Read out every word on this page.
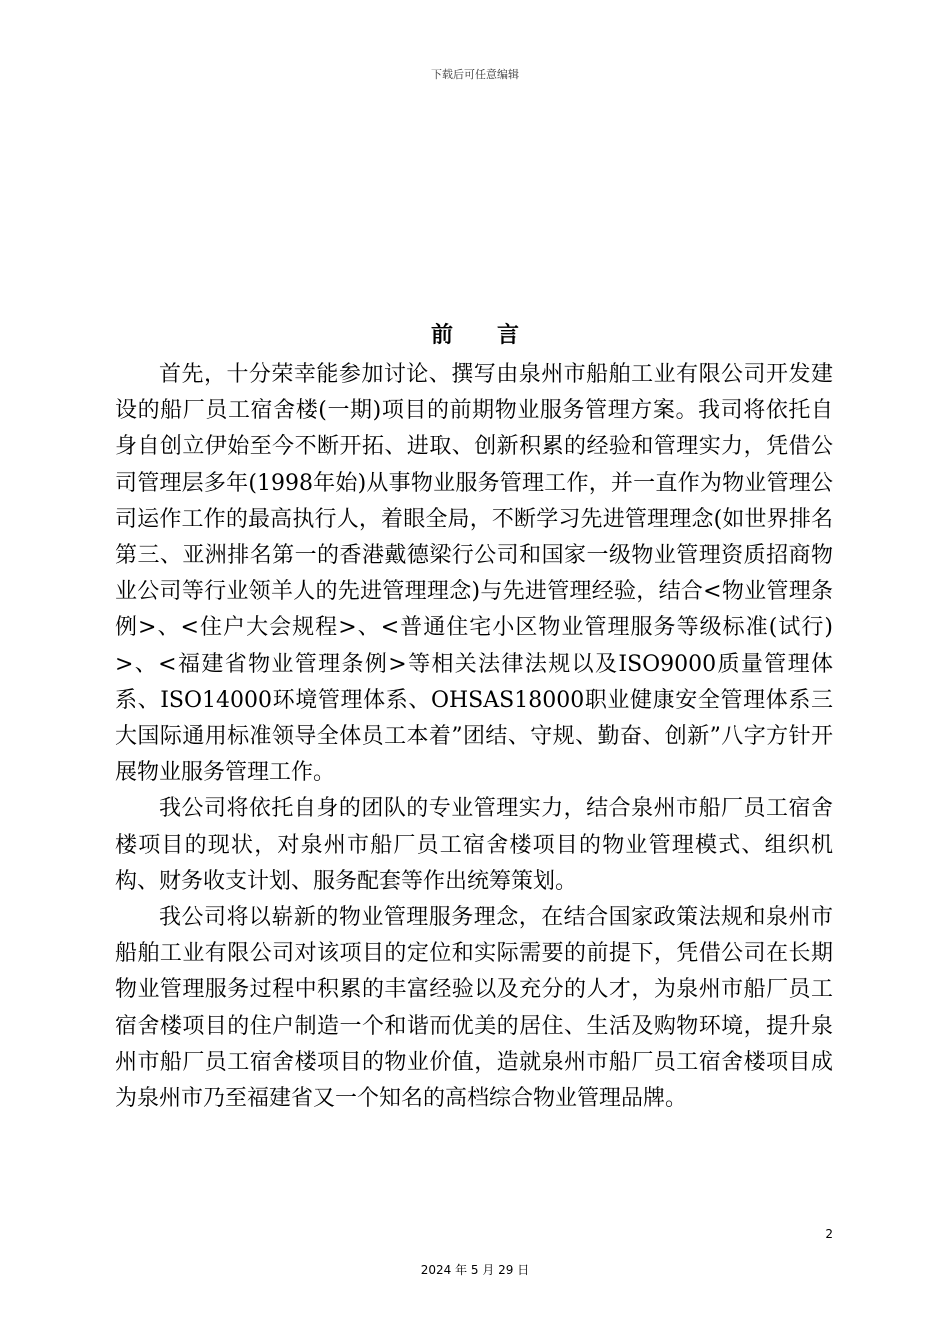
下载后可任意编辑
前言

首先，十分荣幸能参加讨论、撰写由泉州市船舶工业有限公司开发建设的船厂员工宿舍楼(一期)项目的前期物业服务管理方案。我司将依托自身自创立伊始至今不断开拓、进取、创新积累的经验和管理实力，凭借公司管理层多年(1998年始)从事物业服务管理工作，并一直作为物业管理公司运作工作的最高执行人，着眼全局，不断学习先进管理理念(如世界排名第三、亚洲排名第一的香港戴德梁行公司和国家一级物业管理资质招商物业公司等行业领羊人的先进管理理念)与先进管理经验，结合<物业管理条例>、<住户大会规程>、<普通住宅小区物业管理服务等级标准(试行)>、<福建省物业管理条例>等相关法律法规以及ISO9000质量管理体系、ISO14000环境管理体系、OHSAS18000职业健康安全管理体系三大国际通用标准领导全体员工本着”团结、守规、勤奋、创新”八字方针开展物业服务管理工作。

我公司将依托自身的团队的专业管理实力，结合泉州市船厂员工宿舍楼项目的现状，对泉州市船厂员工宿舍楼项目的物业管理模式、组织机构、财务收支计划、服务配套等作出统筹策划。

我公司将以崭新的物业管理服务理念，在结合国家政策法规和泉州市船舶工业有限公司对该项目的定位和实际需要的前提下，凭借公司在长期物业管理服务过程中积累的丰富经验以及充分的人才，为泉州市船厂员工宿舍楼项目的住户制造一个和谐而优美的居住、生活及购物环境，提升泉州市船厂员工宿舍楼项目的物业价值，造就泉州市船厂员工宿舍楼项目成为泉州市乃至福建省又一个知名的高档综合物业管理品牌。

2
2024 年 5 月 29 日
